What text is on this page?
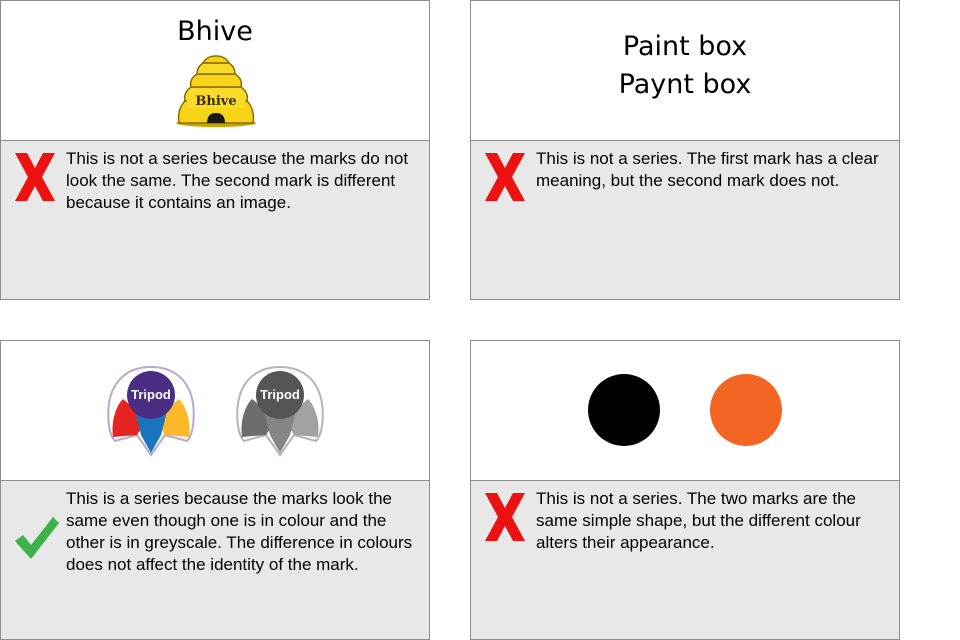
Bhive
Bhive
This is not a series because the marks do not look the same. The second mark is different because it contains an image.
Paint box
Paynt box
This is not a series. The first mark has a clear meaning, but the second mark does not.
Tripod	Tripod
This is a series because the marks look the same even though one is in colour and the other is in greyscale. The difference in colours does not affect the identity of the mark.
This is not a series. The two marks are the same simple shape, but the different colour alters their appearance.
